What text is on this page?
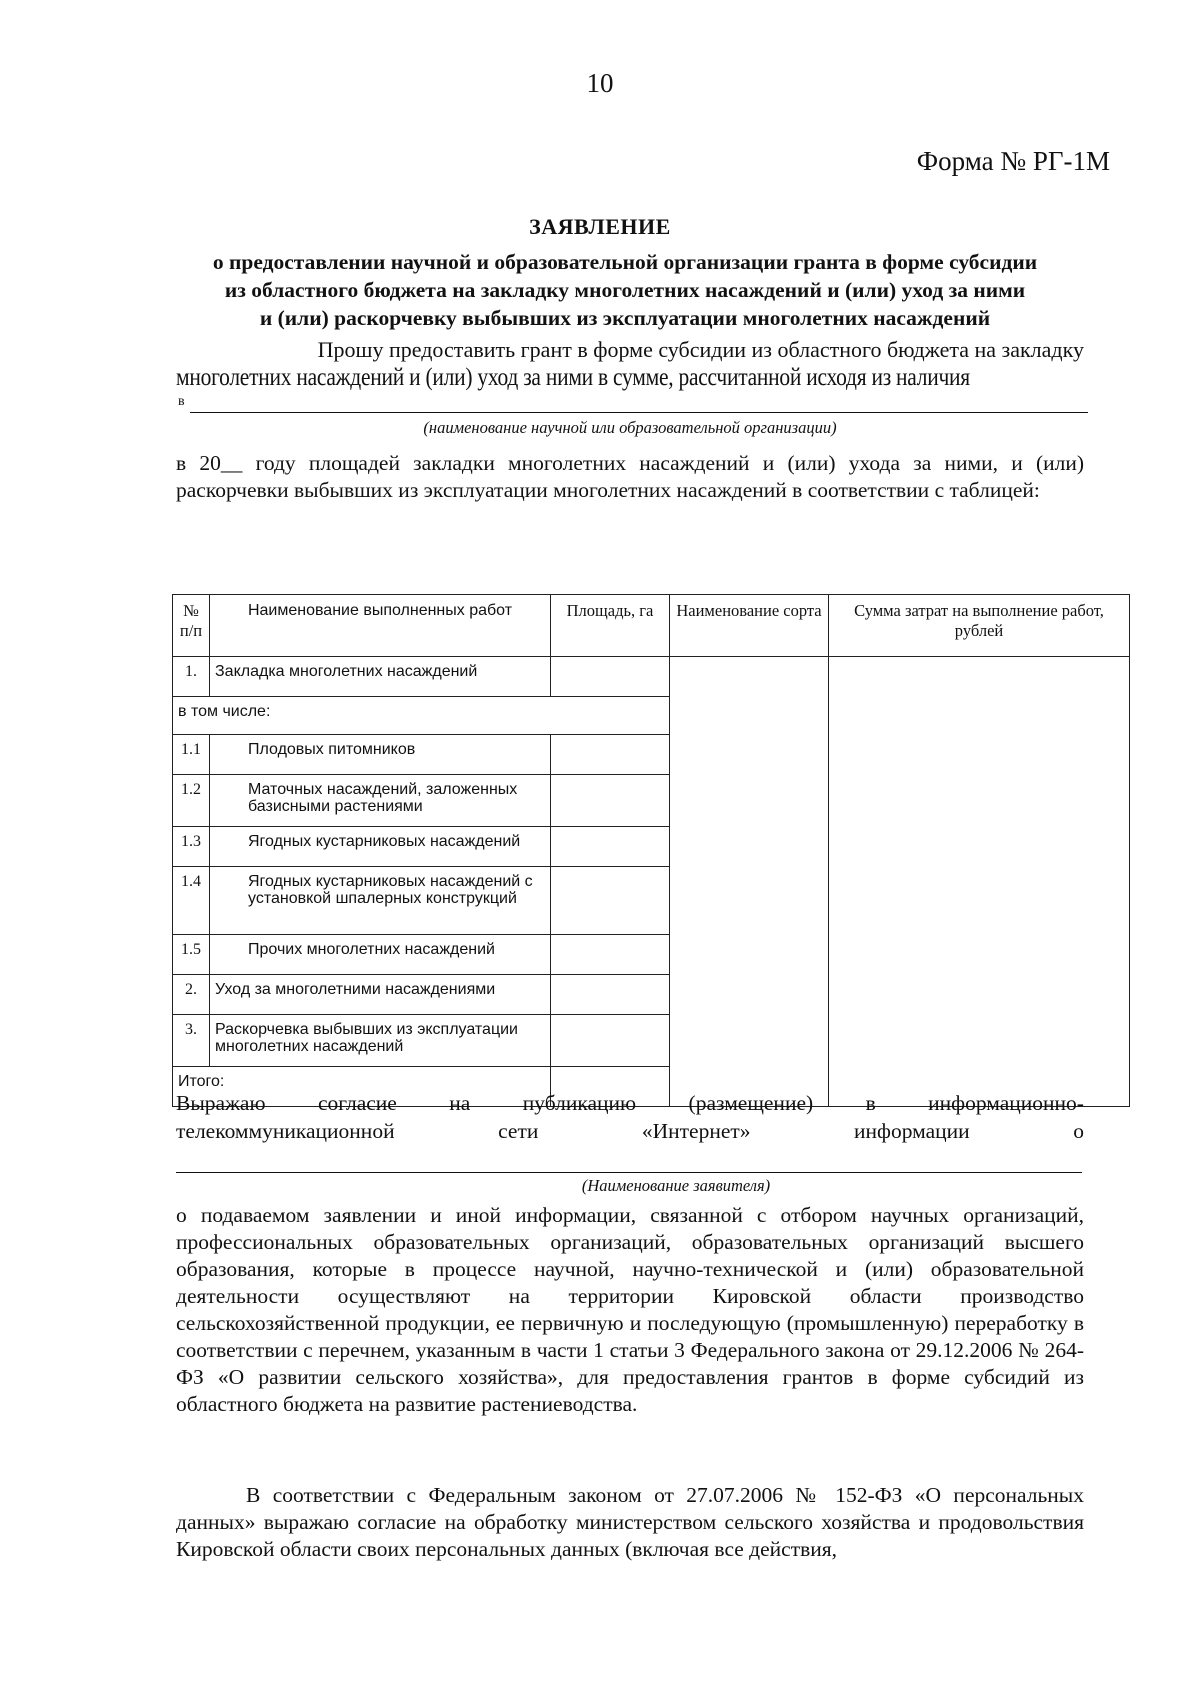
10
Форма № РГ-1М
ЗАЯВЛЕНИЕ
о предоставлении научной и образовательной организации гранта в форме субсидии
из областного бюджета на закладку многолетних насаждений и (или) уход за ними
и (или) раскорчевку выбывших из эксплуатации многолетних насаждений
Прошу предоставить грант в форме субсидии из областного бюджета на закладку
многолетних насаждений и (или) уход за ними в сумме, рассчитанной исходя из наличия
в
(наименование научной или образовательной организации)
в 20__ году площадей закладки многолетних насаждений и (или) ухода за ними, и (или) раскорчевки выбывших из эксплуатации многолетних насаждений в соответствии с таблицей:
№ п/п	Наименование выполненных работ	Площадь, га	Наименование сорта	Сумма затрат на выполнение работ, рублей
1.	Закладка многолетних насаждений			
в том числе:				
1.1	Плодовых питомников			
1.2	Маточных насаждений, заложенных базисными растениями			
1.3	Ягодных кустарниковых насаждений			
1.4	Ягодных кустарниковых насаждений с установкой шпалерных конструкций			
1.5	Прочих многолетних насаждений			
2.	Уход за многолетними насаждениями			
3.	Раскорчевка выбывших из эксплуатации многолетних насаждений			
Итого:				
Выражаю согласие на публикацию (размещение) в информационно-
телекоммуникационной	сети	«Интернет»	информации	о
(Наименование заявителя)
о подаваемом заявлении и иной информации, связанной с отбором научных организаций, профессиональных образовательных организаций, образовательных организаций высшего образования, которые в процессе научной, научно-технической и (или) образовательной деятельности осуществляют на территории Кировской области производство сельскохозяйственной продукции, ее первичную и последующую (промышленную) переработку в соответствии с перечнем, указанным в части 1 статьи 3 Федерального закона от 29.12.2006 № 264-ФЗ «О развитии сельского хозяйства», для предоставления грантов в форме субсидий из областного бюджета на развитие растениеводства.
В соответствии с Федеральным законом от 27.07.2006 № 152-ФЗ «О персональных данных» выражаю согласие на обработку министерством сельского хозяйства и продовольствия Кировской области своих персональных данных (включая все действия,
